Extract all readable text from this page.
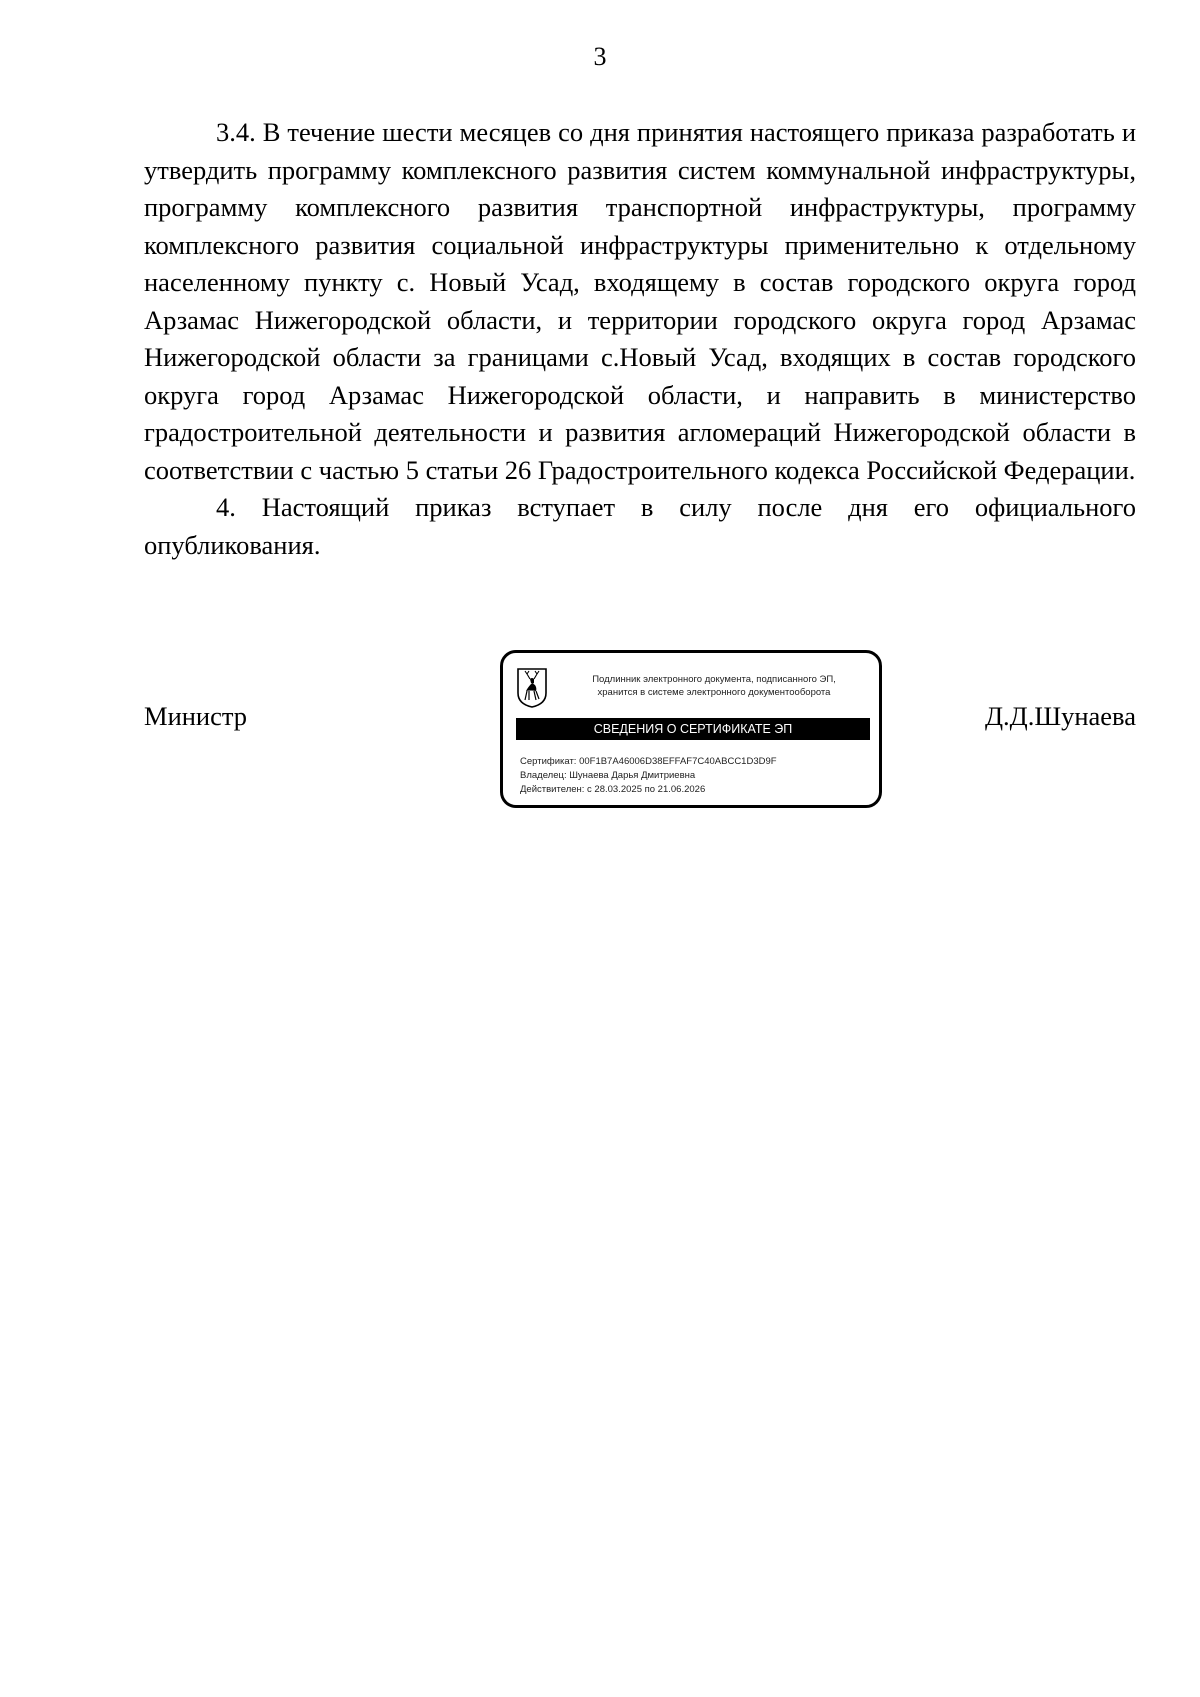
3

3.4. В течение шести месяцев со дня принятия настоящего приказа разработать и утвердить программу комплексного развития систем коммунальной инфраструктуры, программу комплексного развития транспортной инфраструктуры, программу комплексного развития социальной инфраструктуры применительно к отдельному населенному пункту с. Новый Усад, входящему в состав городского округа город Арзамас Нижегородской области, и территории городского округа город Арзамас Нижегородской области за границами с.Новый Усад, входящих в состав городского округа город Арзамас Нижегородской области, и направить в министерство градостроительной деятельности и развития агломераций Нижегородской области в соответствии с частью 5 статьи 26 Градостроительного кодекса Российской Федерации.

4. Настоящий приказ вступает в силу после дня его официального опубликования.

Министр	Д.Д.Шунаева
Подлинник электронного документа, подписанного ЭП,
хранится в системе электронного документооборота
СВЕДЕНИЯ О СЕРТИФИКАТЕ ЭП
Сертификат: 00F1B7A46006D38EFFAF7C40ABCC1D3D9F
Владелец: Шунаева Дарья Дмитриевна
Действителен: с 28.03.2025 по 21.06.2026
